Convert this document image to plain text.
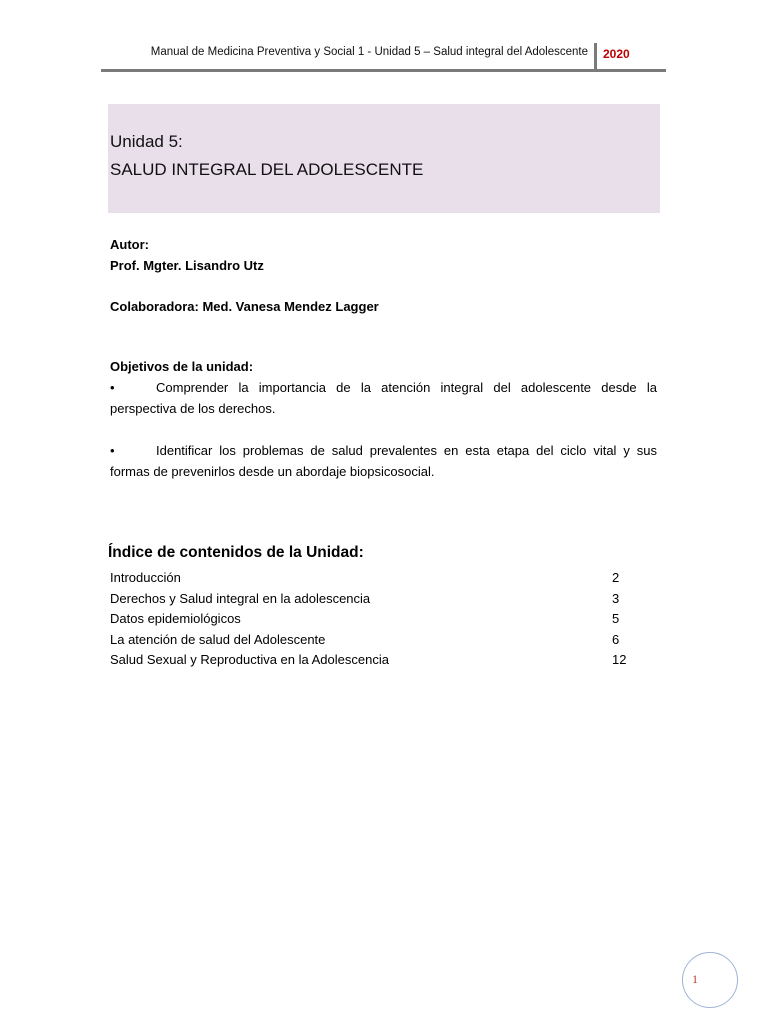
Manual de Medicina Preventiva y Social 1 - Unidad 5 – Salud integral del Adolescente 2020
Unidad 5:
SALUD INTEGRAL DEL ADOLESCENTE
Autor:
Prof. Mgter. Lisandro Utz
Colaboradora: Med. Vanesa Mendez Lagger
Objetivos de la unidad:
•	Comprender la importancia de la atención integral del adolescente desde la perspectiva de los derechos.
•	Identificar los problemas de salud prevalentes en esta etapa del ciclo vital y sus formas de prevenirlos desde un abordaje biopsicosocial.
Índice de contenidos de la Unidad:
Introducción	2
Derechos y Salud integral en la adolescencia	3
Datos epidemiológicos	5
La atención de salud del Adolescente	6
Salud Sexual y Reproductiva en la Adolescencia	12
1
